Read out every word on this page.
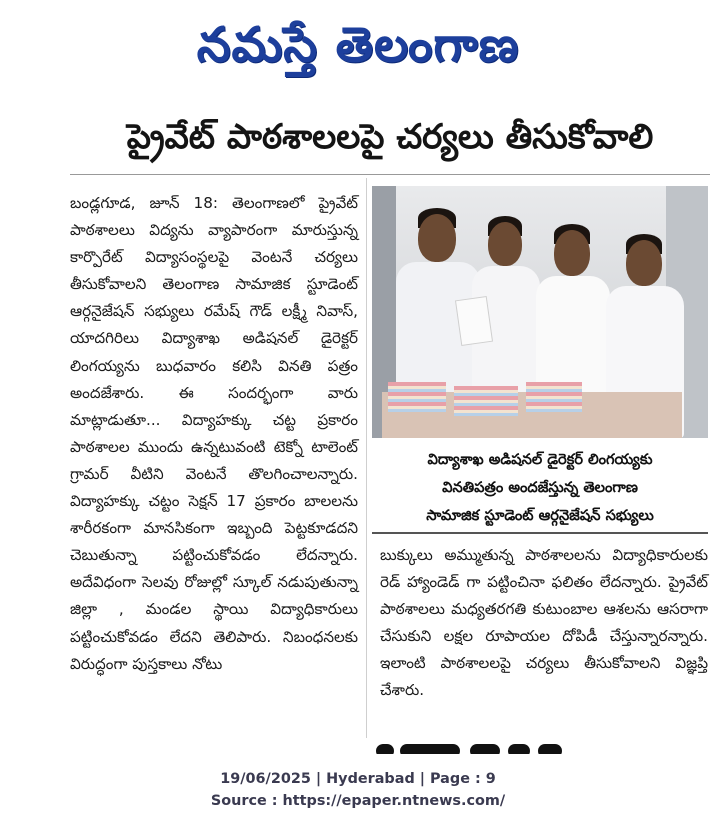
నమస్తే తెలంగాణ
ప్రైవేట్ పాఠశాలలపై చర్యలు తీసుకోవాలి

బండ్లగూడ, జూన్ 18: తెలంగాణలో ప్రైవేట్ పాఠశాలలు విద్యను వ్యాపారంగా మారుస్తున్న కార్పొరేట్ విద్యాసంస్థలపై వెంటనే చర్యలు తీసుకోవాలని తెలంగాణ సామాజిక స్టూడెంట్ ఆర్గనైజేషన్ సభ్యులు రమేష్ గౌడ్ లక్ష్మీ నివాస్, యాదగిరిలు విద్యాశాఖ అడిషనల్ డైరెక్టర్ లింగయ్యను బుధవారం కలిసి వినతి పత్రం అందజేశారు. ఈ సందర్భంగా వారు మాట్లాడుతూ... విద్యాహక్కు చట్ట ప్రకారం పాఠశాలల ముందు ఉన్నటువంటి టెక్నో టాలెంట్ గ్రామర్ వీటిని వెంటనే తొలగించాలన్నారు. విద్యాహక్కు చట్టం సెక్షన్ 17 ప్రకారం బాలలను శారీరకంగా మానసికంగా ఇబ్బంది పెట్టకూడదని చెబుతున్నా పట్టించుకోవడం లేదన్నారు. అదేవిధంగా సెలవు రోజుల్లో స్కూల్ నడుపుతున్నా జిల్లా , మండల స్థాయి విద్యాధికారులు పట్టించుకోవడం లేదని తెలిపారు. నిబంధనలకు విరుద్ధంగా పుస్తకాలు నోటు

విద్యాశాఖ అడిషనల్ డైరెక్టర్ లింగయ్యకు
వినతిపత్రం అందజేస్తున్న తెలంగాణ
సామాజిక స్టూడెంట్ ఆర్గనైజేషన్ సభ్యులు

బుక్కులు అమ్ముతున్న పాఠశాలలను విద్యాధికారులకు రెడ్ హ్యాండెడ్ గా పట్టించినా ఫలితం లేదన్నారు. ప్రైవేట్ పాఠశాలలు మధ్యతరగతి కుటుంబాల ఆశలను ఆసరాగా చేసుకుని లక్షల రూపాయల దోపిడీ చేస్తున్నారన్నారు. ఇలాంటి పాఠశాలలపై చర్యలు తీసుకోవాలని విజ్ఞప్తి చేశారు.

19/06/2025 | Hyderabad | Page : 9
Source : https://epaper.ntnews.com/
